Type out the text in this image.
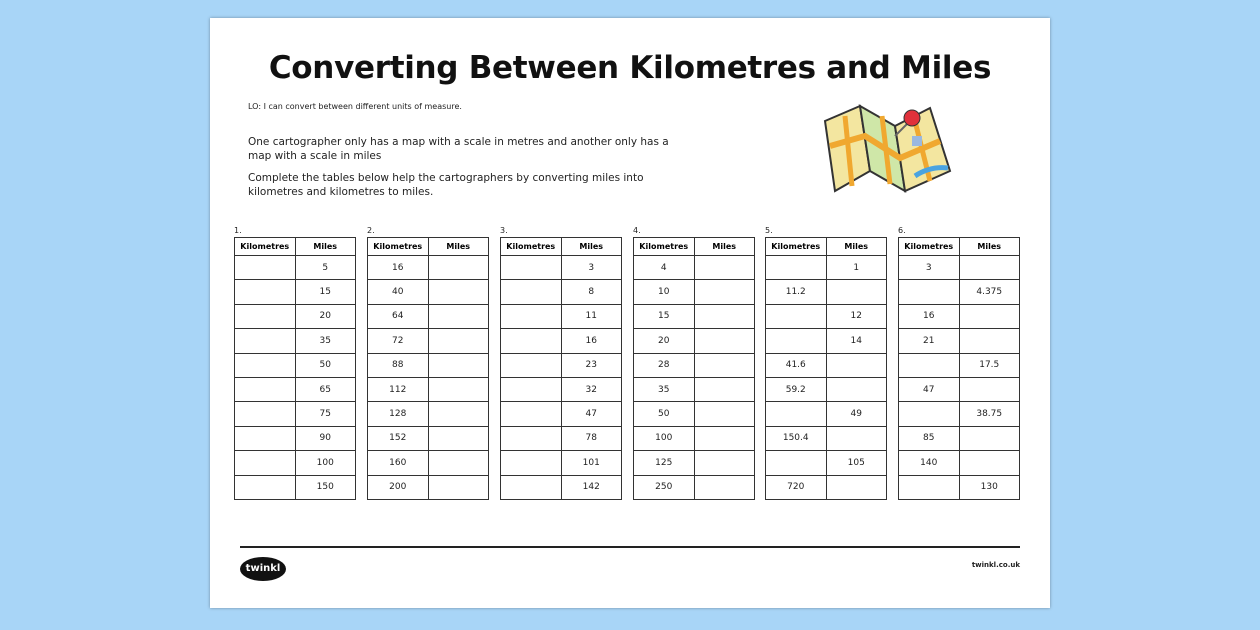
Converting Between Kilometres and Miles
LO: I can convert between different units of measure.
One cartographer only has a map with a scale in metres and another only has a map with a scale in miles
Complete the tables below help the cartographers by converting miles into kilometres and kilometres to miles.
1.
Kilometres	Miles
	5
	15
	20
	35
	50
	65
	75
	90
	100
	150
2.
Kilometres	Miles
16	
40	
64	
72	
88	
112	
128	
152	
160	
200	
3.
Kilometres	Miles
	3
	8
	11
	16
	23
	32
	47
	78
	101
	142
4.
Kilometres	Miles
4	
10	
15	
20	
28	
35	
50	
100	
125	
250	
5.
Kilometres	Miles
	1
11.2	
	12
	14
41.6	
59.2	
	49
150.4	
	105
720	
6.
Kilometres	Miles
3	
	4.375
16	
21	
	17.5
47	
	38.75
85	
140	
	130
twinkl	twinkl.co.uk
